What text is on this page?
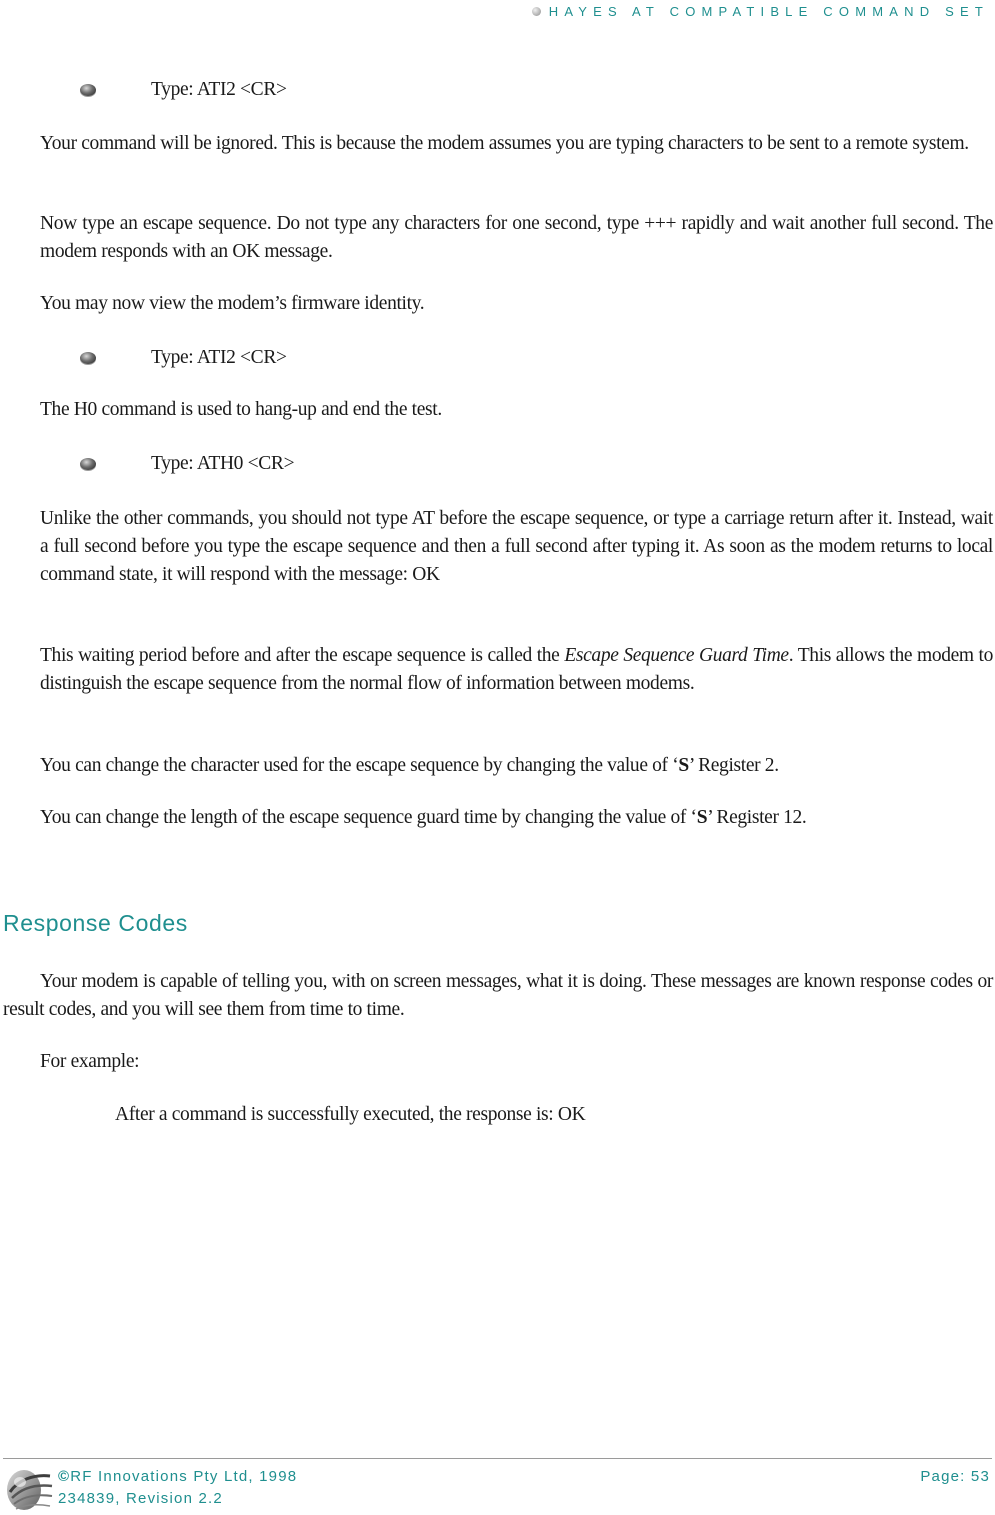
HAYES AT COMPATIBLE COMMAND SET
Type: ATI2 <CR>

Your command will be ignored. This is because the modem assumes you are typing characters to be sent to a remote system.

Now type an escape sequence. Do not type any characters for one second, type +++ rapidly and wait another full second. The modem responds with an OK message.

You may now view the modem’s firmware identity.

Type: ATI2 <CR>

The H0 command is used to hang-up and end the test.

Type: ATH0 <CR>

Unlike the other commands, you should not type AT before the escape sequence, or type a carriage return after it. Instead, wait a full second before you type the escape sequence and then a full second after typing it. As soon as the modem returns to local command state, it will respond with the message: OK

This waiting period before and after the escape sequence is called the Escape Sequence Guard Time. This allows the modem to distinguish the escape sequence from the normal flow of information between modems.

You can change the character used for the escape sequence by changing the value of ‘S’ Register 2.

You can change the length of the escape sequence guard time by changing the value of ‘S’ Register 12.

Response Codes

Your modem is capable of telling you, with on screen messages, what it is doing. These messages are known response codes or result codes, and you will see them from time to time.

For example:

After a command is successfully executed, the response is: OK
©RF Innovations Pty Ltd, 1998
234839, Revision 2.2
Page: 53
